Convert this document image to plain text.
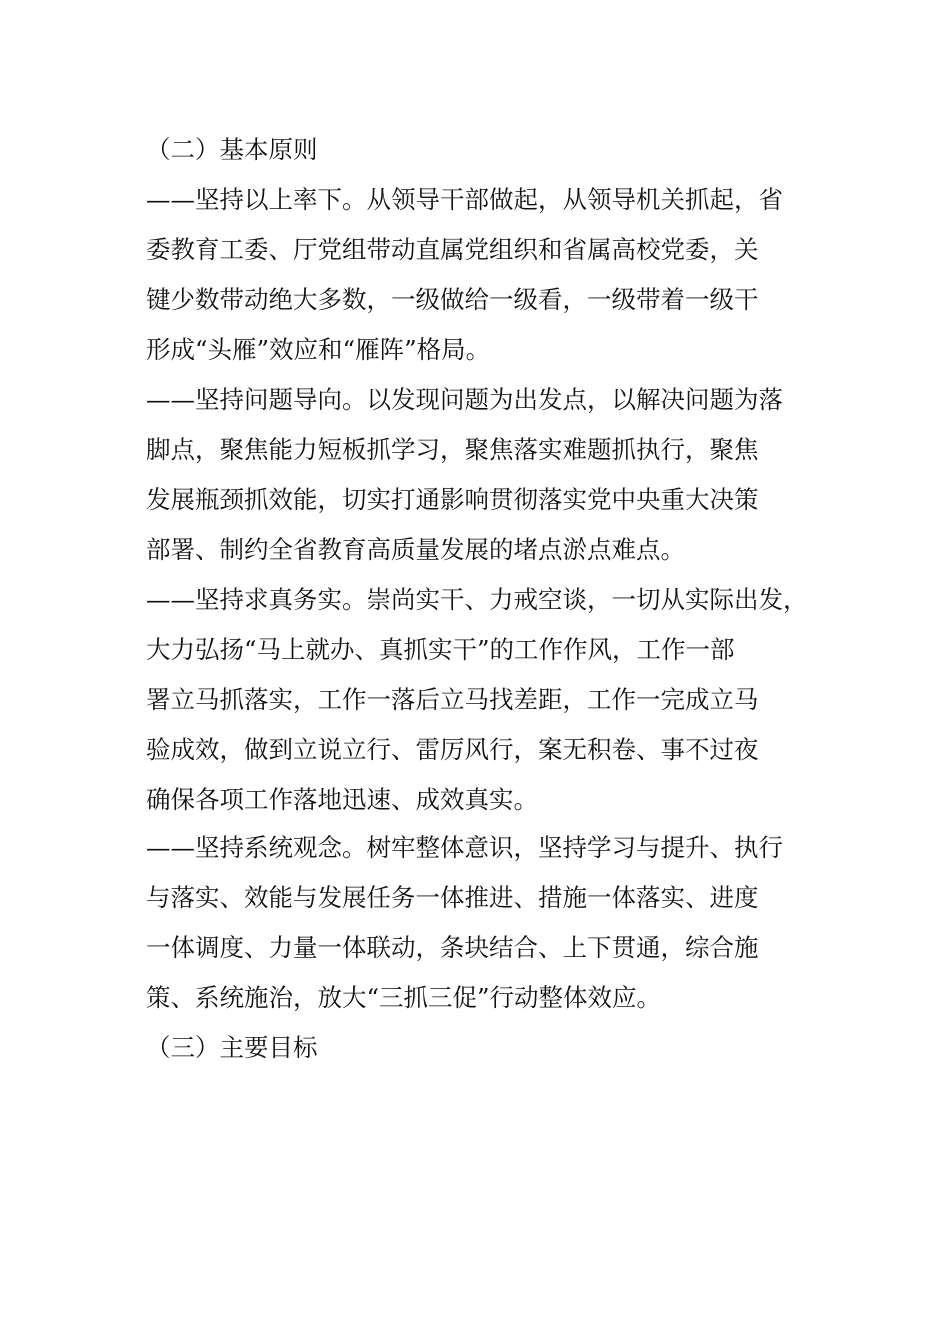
（二）基本原则
——坚持以上率下。从领导干部做起，从领导机关抓起，省
委教育工委、厅党组带动直属党组织和省属高校党委，关
键少数带动绝大多数，一级做给一级看，一级带着一级干
形成“头雁”效应和“雁阵”格局。
——坚持问题导向。以发现问题为出发点，以解决问题为落
脚点，聚焦能力短板抓学习，聚焦落实难题抓执行，聚焦
发展瓶颈抓效能，切实打通影响贯彻落实党中央重大决策
部署、制约全省教育高质量发展的堵点淤点难点。
——坚持求真务实。崇尚实干、力戒空谈，一切从实际出发，
大力弘扬“马上就办、真抓实干”的工作作风，工作一部
署立马抓落实，工作一落后立马找差距，工作一完成立马
验成效，做到立说立行、雷厉风行，案无积卷、事不过夜
确保各项工作落地迅速、成效真实。
——坚持系统观念。树牢整体意识，坚持学习与提升、执行
与落实、效能与发展任务一体推进、措施一体落实、进度
一体调度、力量一体联动，条块结合、上下贯通，综合施
策、系统施治，放大“三抓三促”行动整体效应。
（三）主要目标
